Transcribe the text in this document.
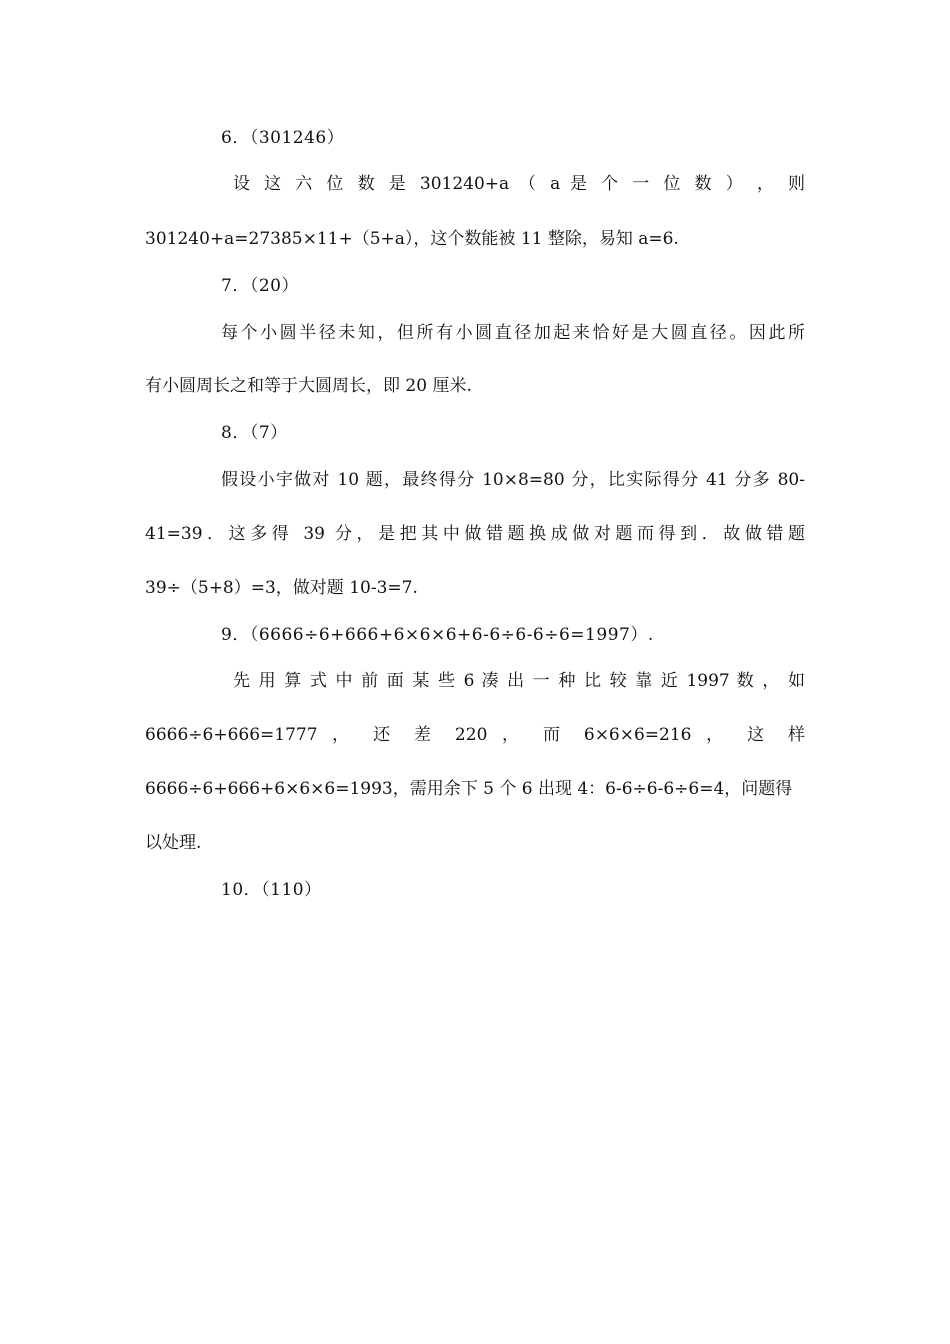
6．（301246）
设 这 六 位 数 是 301240+a （ a 是 个 一 位 数 ） ， 则
301240+a=27385×11+（5+a），这个数能被 11 整除，易知 a=6.
7．（20）
每个小圆半径未知，但所有小圆直径加起来恰好是大圆直径。因此所
有小圆周长之和等于大圆周长，即 20 厘米.
8．（7）
假设小宇做对 10 题，最终得分 10×8=80 分，比实际得分 41 分多 80-
41=39．这多得 39 分，是把其中做错题换成做对题而得到．故做错题
39÷（5+8）=3，做对题 10-3=7.
9．（6666÷6+666+6×6×6+6-6÷6-6÷6=1997）.
先 用 算 式 中 前 面 某 些 6 凑 出 一 种 比 较 靠 近 1997 数 ， 如
6666÷6+666=1777 ， 还 差 220 ， 而 6×6×6=216 ， 这 样
6666÷6+666+6×6×6=1993，需用余下 5 个 6 出现 4：6-6÷6-6÷6=4，问题得
以处理.
10．（110）
